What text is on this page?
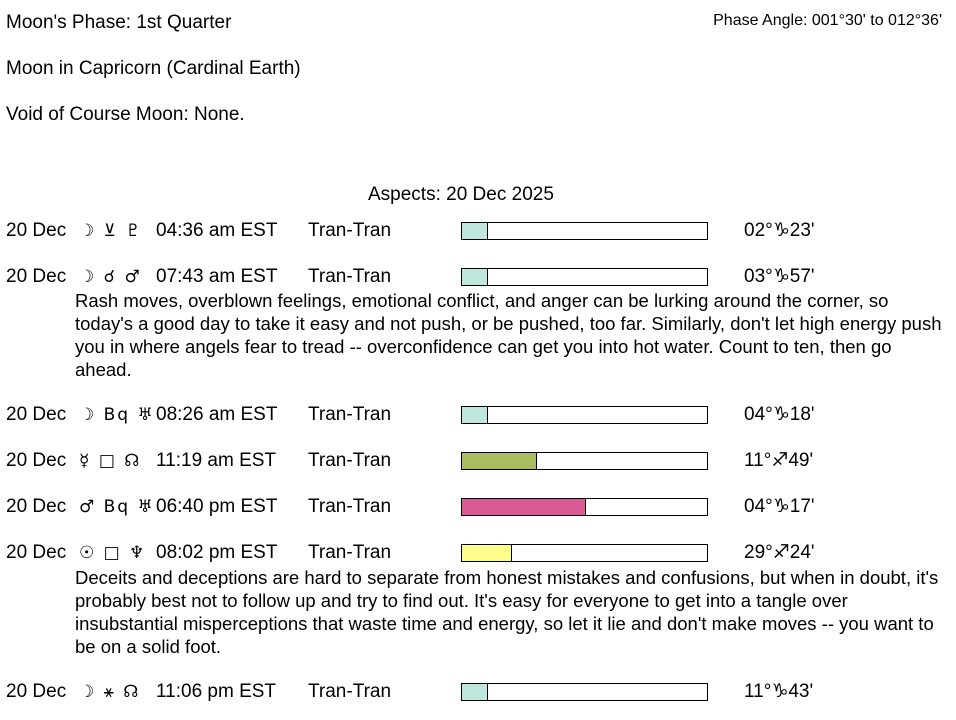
Moon's Phase: 1st Quarter	Phase Angle: 001°30' to 012°36'
Moon in Capricorn (Cardinal Earth)
Void of Course Moon: None.
Aspects: 20 Dec 2025
20 Dec ☽ ⊻ ♇ 04:36 am EST Tran-Tran	02°♑23'
20 Dec ☽ ☌ ♂ 07:43 am EST Tran-Tran	03°♑57'
Rash moves, overblown feelings, emotional conflict, and anger can be lurking around the corner, so today's a good day to take it easy and not push, or be pushed, too far. Similarly, don't let high energy push you in where angels fear to tread -- overconfidence can get you into hot water. Count to ten, then go ahead.
20 Dec ☽ Bq ♅ 08:26 am EST Tran-Tran	04°♑18'
20 Dec ☿ □ ☊ 11:19 am EST Tran-Tran	11°♐49'
20 Dec ♂ Bq ♅ 06:40 pm EST Tran-Tran	04°♑17'
20 Dec ☉ □ ♆ 08:02 pm EST Tran-Tran	29°♐24'
Deceits and deceptions are hard to separate from honest mistakes and confusions, but when in doubt, it's probably best not to follow up and try to find out. It's easy for everyone to get into a tangle over insubstantial misperceptions that waste time and energy, so let it lie and don't make moves -- you want to be on a solid foot.
20 Dec ☽ ⚹ ☊ 11:06 pm EST Tran-Tran	11°♑43'
